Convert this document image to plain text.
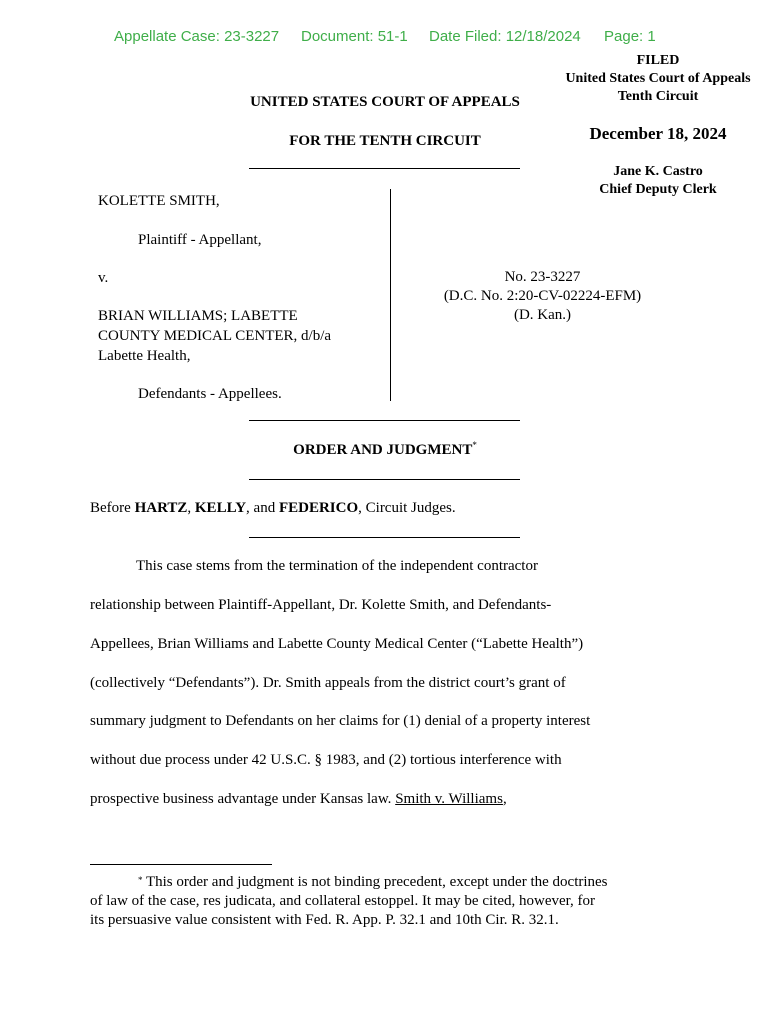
Appellate Case: 23-3227 Document: 51-1 Date Filed: 12/18/2024 Page: 1
FILED
United States Court of Appeals
Tenth Circuit
December 18, 2024
Jane K. Castro
Chief Deputy Clerk
UNITED STATES COURT OF APPEALS
FOR THE TENTH CIRCUIT
KOLETTE SMITH,
Plaintiff - Appellant,
v.
BRIAN WILLIAMS; LABETTE
COUNTY MEDICAL CENTER, d/b/a
Labette Health,
Defendants - Appellees.
No. 23-3227
(D.C. No. 2:20-CV-02224-EFM)
(D. Kan.)
ORDER AND JUDGMENT*
Before HARTZ, KELLY, and FEDERICO, Circuit Judges.
This case stems from the termination of the independent contractor
relationship between Plaintiff-Appellant, Dr. Kolette Smith, and Defendants-
Appellees, Brian Williams and Labette County Medical Center (“Labette Health”)
(collectively “Defendants”). Dr. Smith appeals from the district court’s grant of
summary judgment to Defendants on her claims for (1) denial of a property interest
without due process under 42 U.S.C. § 1983, and (2) tortious interference with
prospective business advantage under Kansas law. Smith v. Williams,
* This order and judgment is not binding precedent, except under the doctrines
of law of the case, res judicata, and collateral estoppel. It may be cited, however, for
its persuasive value consistent with Fed. R. App. P. 32.1 and 10th Cir. R. 32.1.
